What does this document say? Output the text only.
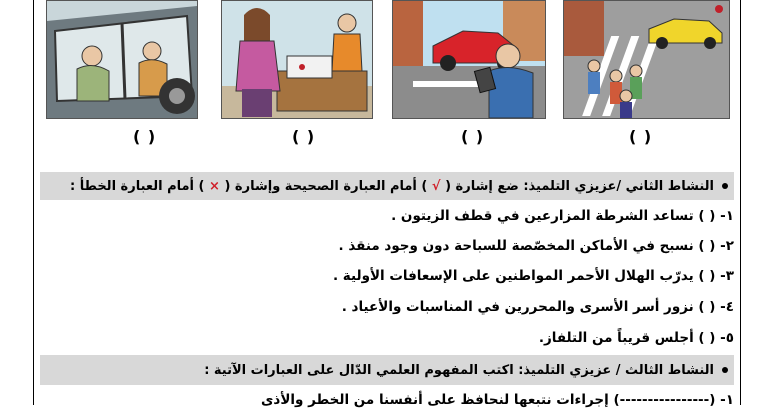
( )	( )	( )	( )
النشاط الثاني /عزيزي التلميذ: ضع إشارة (

√

) أمام العبارة الصحيحة وإشارة (

×

) أمام العبارة الخطأ :
١- ( ) تساعد الشرطة المزارعين في قطف الزيتون .
٢- ( ) نسبح في الأماكن المخصّصة للسباحة دون وجود منقذ .
٣- ( ) يدرّب الهلال الأحمر المواطنين على الإسعافات الأولية .
٤- ( ) نزور أسر الأسرى والمحررين في المناسبات والأعياد .
٥- ( ) أجلس قريباً من التلفاز.
النشاط الثالث / عزيزي التلميذ: اكتب المفهوم العلمي الدّال على العبارات الآتية :
١- (----------------) إجراءات نتبعها لنحافظ على أنفسنا من الخطر والأذى
